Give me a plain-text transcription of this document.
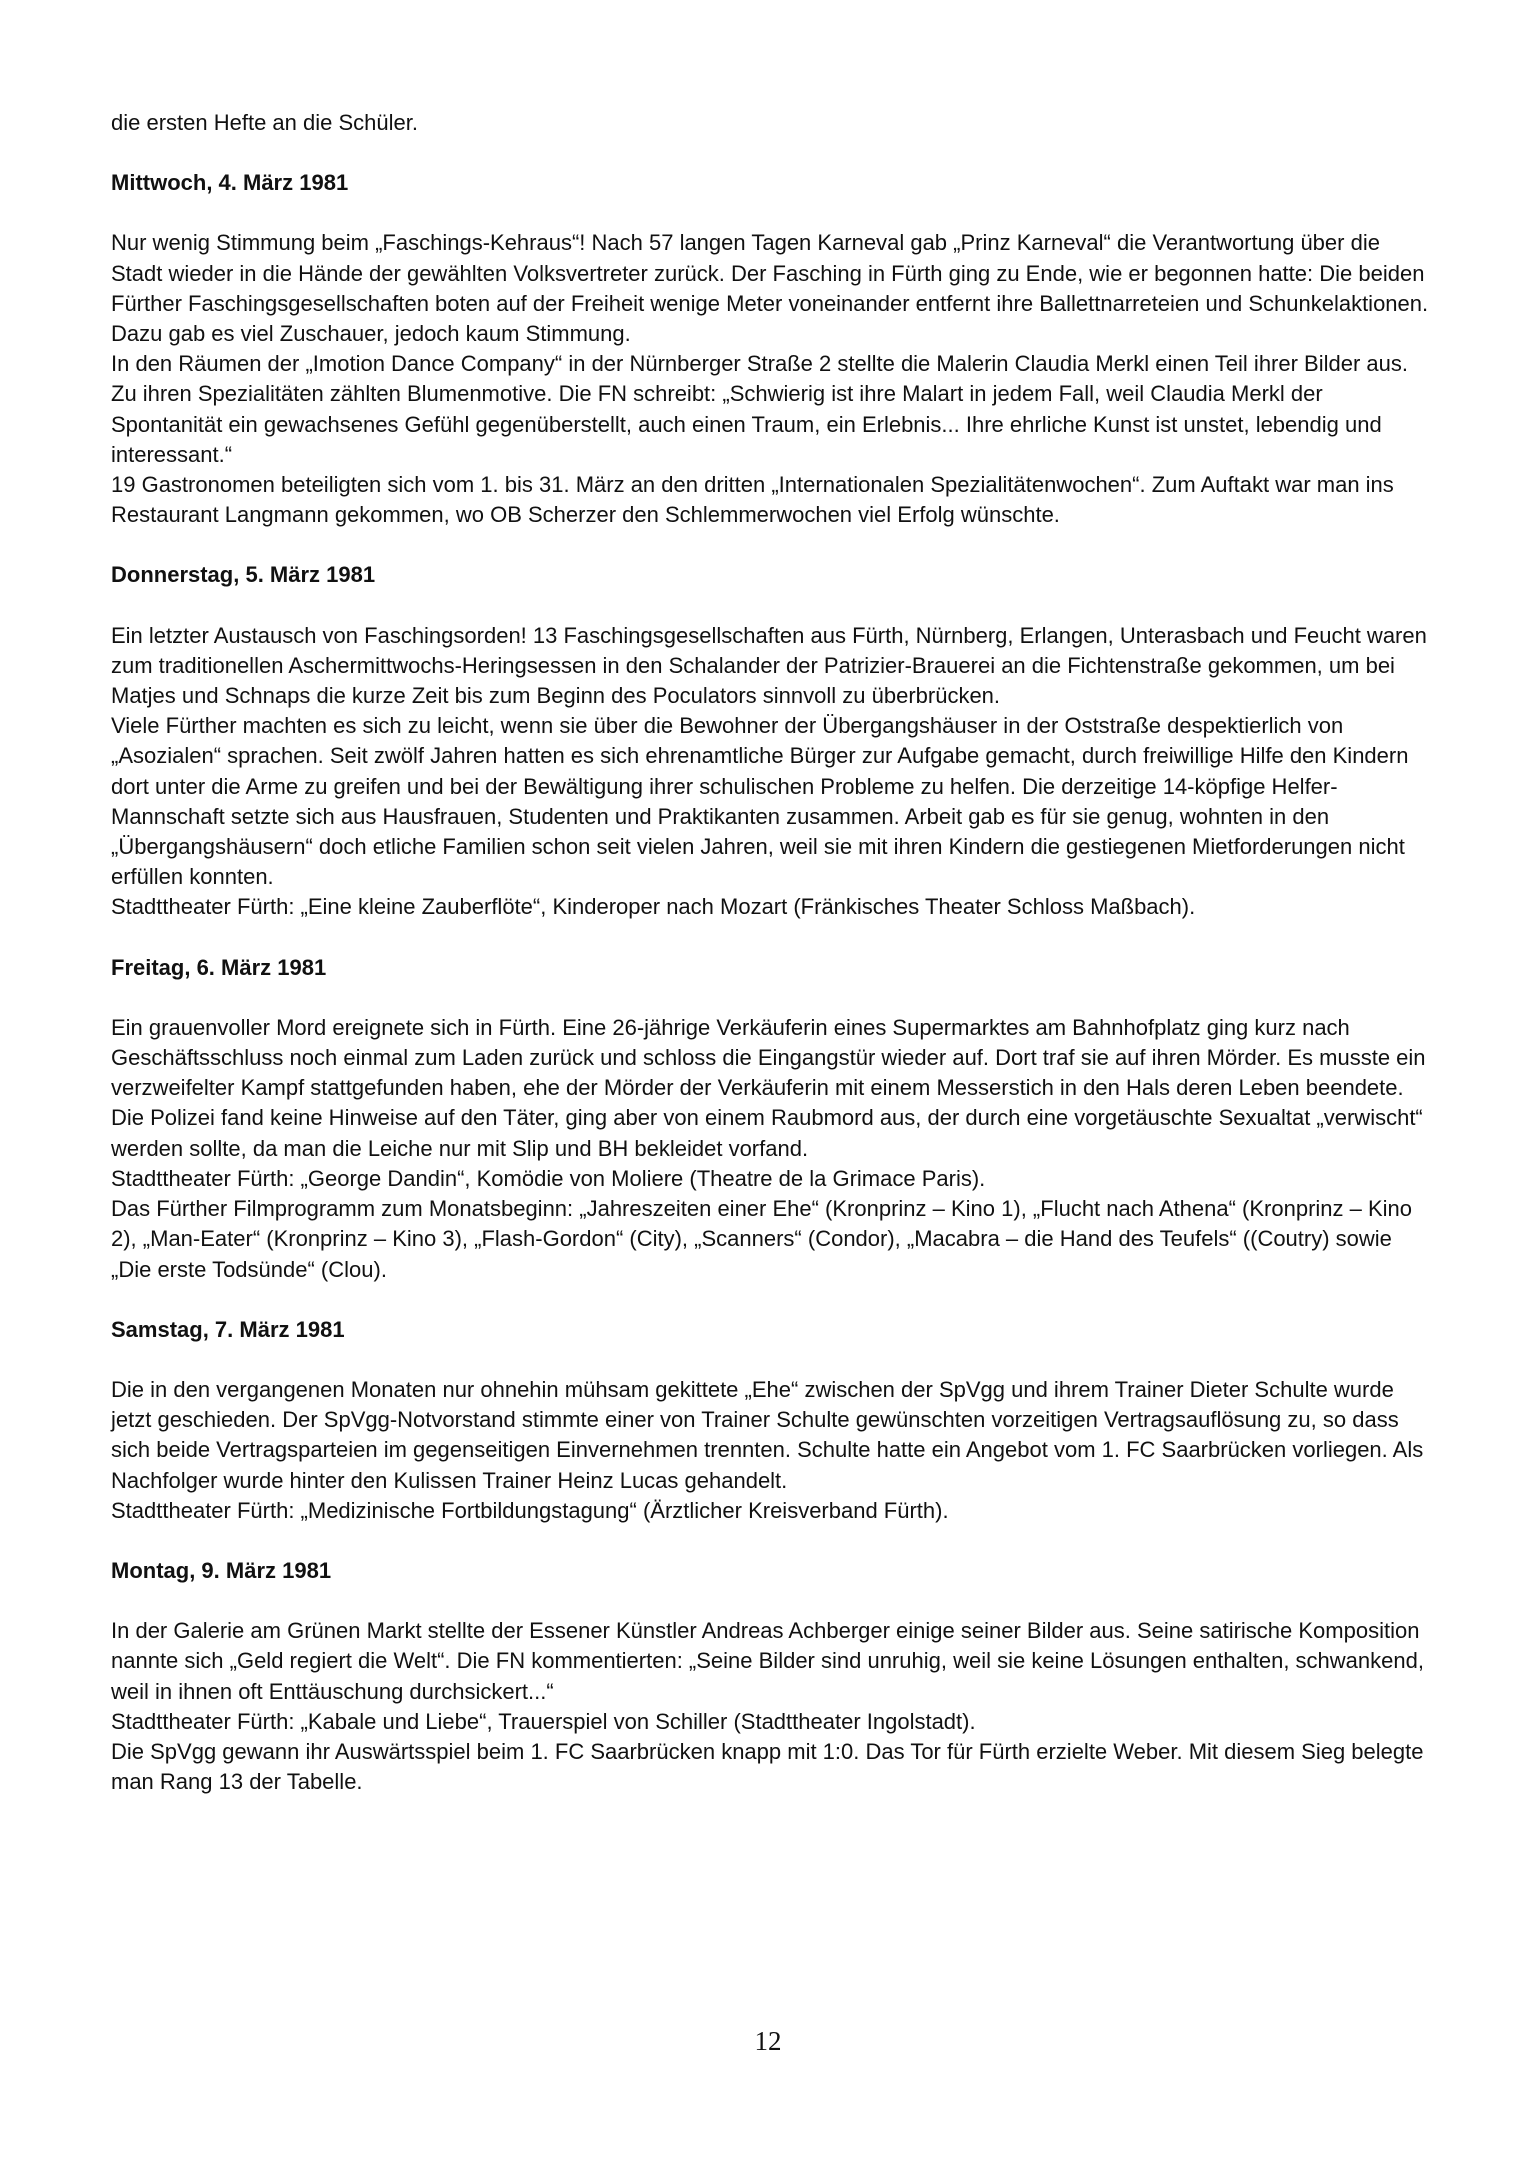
die ersten Hefte an die Schüler.

Mittwoch, 4. März 1981

Nur wenig Stimmung beim „Faschings-Kehraus“! Nach 57 langen Tagen Karneval gab „Prinz Karneval“ die Verantwortung über die Stadt wieder in die Hände der gewählten Volksvertreter zurück. Der Fasching in Fürth ging zu Ende, wie er begonnen hatte: Die beiden Fürther Faschingsgesellschaften boten auf der Freiheit wenige Meter voneinander entfernt ihre Ballettnarreteien und Schunkelaktionen. Dazu gab es viel Zuschauer, jedoch kaum Stimmung.

In den Räumen der „Imotion Dance Company“ in der Nürnberger Straße 2 stellte die Malerin Claudia Merkl einen Teil ihrer Bilder aus. Zu ihren Spezialitäten zählten Blumenmotive. Die FN schreibt: „Schwierig ist ihre Malart in jedem Fall, weil Claudia Merkl der Spontanität ein gewachsenes Gefühl gegenüberstellt, auch einen Traum, ein Erlebnis... Ihre ehrliche Kunst ist unstet, lebendig und interessant.“

19 Gastronomen beteiligten sich vom 1. bis 31. März an den dritten „Internationalen Spezialitätenwochen“. Zum Auftakt war man ins Restaurant Langmann gekommen, wo OB Scherzer den Schlemmerwochen viel Erfolg wünschte.

Donnerstag, 5. März 1981

Ein letzter Austausch von Faschingsorden! 13 Faschingsgesellschaften aus Fürth, Nürnberg, Erlangen, Unterasbach und Feucht waren zum traditionellen Aschermittwochs-Heringsessen in den Schalander der Patrizier-Brauerei an die Fichtenstraße gekommen, um bei Matjes und Schnaps die kurze Zeit bis zum Beginn des Poculators sinnvoll zu überbrücken.

Viele Fürther machten es sich zu leicht, wenn sie über die Bewohner der Übergangshäuser in der Oststraße despektierlich von „Asozialen“ sprachen. Seit zwölf Jahren hatten es sich ehrenamtliche Bürger zur Aufgabe gemacht, durch freiwillige Hilfe den Kindern dort unter die Arme zu greifen und bei der Bewältigung ihrer schulischen Probleme zu helfen. Die derzeitige 14-köpfige Helfer-Mannschaft setzte sich aus Hausfrauen, Studenten und Praktikanten zusammen. Arbeit gab es für sie genug, wohnten in den „Übergangshäusern“ doch etliche Familien schon seit vielen Jahren, weil sie mit ihren Kindern die gestiegenen Mietforderungen nicht erfüllen konnten.

Stadttheater Fürth: „Eine kleine Zauberflöte“, Kinderoper nach Mozart (Fränkisches Theater Schloss Maßbach).

Freitag, 6. März 1981

Ein grauenvoller Mord ereignete sich in Fürth. Eine 26-jährige Verkäuferin eines Supermarktes am Bahnhofplatz ging kurz nach Geschäftsschluss noch einmal zum Laden zurück und schloss die Eingangstür wieder auf. Dort traf sie auf ihren Mörder. Es musste ein verzweifelter Kampf stattgefunden haben, ehe der Mörder der Verkäuferin mit einem Messerstich in den Hals deren Leben beendete. Die Polizei fand keine Hinweise auf den Täter, ging aber von einem Raubmord aus, der durch eine vorgetäuschte Sexualtat „verwischt“ werden sollte, da man die Leiche nur mit Slip und BH bekleidet vorfand.

Stadttheater Fürth: „George Dandin“, Komödie von Moliere (Theatre de la Grimace Paris).

Das Fürther Filmprogramm zum Monatsbeginn: „Jahreszeiten einer Ehe“ (Kronprinz – Kino 1), „Flucht nach Athena“ (Kronprinz – Kino 2), „Man-Eater“ (Kronprinz – Kino 3), „Flash-Gordon“ (City), „Scanners“ (Condor), „Macabra – die Hand des Teufels“ ((Coutry) sowie „Die erste Todsünde“ (Clou).

Samstag, 7. März 1981

Die in den vergangenen Monaten nur ohnehin mühsam gekittete „Ehe“ zwischen der SpVgg und ihrem Trainer Dieter Schulte wurde jetzt geschieden. Der SpVgg-Notvorstand stimmte einer von Trainer Schulte gewünschten vorzeitigen Vertragsauflösung zu, so dass sich beide Vertragsparteien im gegenseitigen Einvernehmen trennten. Schulte hatte ein Angebot vom 1. FC Saarbrücken vorliegen. Als Nachfolger wurde hinter den Kulissen Trainer Heinz Lucas gehandelt.

Stadttheater Fürth: „Medizinische Fortbildungstagung“ (Ärztlicher Kreisverband Fürth).

Montag, 9. März 1981

In der Galerie am Grünen Markt stellte der Essener Künstler Andreas Achberger einige seiner Bilder aus. Seine satirische Komposition nannte sich „Geld regiert die Welt“. Die FN kommentierten: „Seine Bilder sind unruhig, weil sie keine Lösungen enthalten, schwankend, weil in ihnen oft Enttäuschung durchsickert...“

Stadttheater Fürth: „Kabale und Liebe“, Trauerspiel von Schiller (Stadttheater Ingolstadt).

Die SpVgg gewann ihr Auswärtsspiel beim 1. FC Saarbrücken knapp mit 1:0. Das Tor für Fürth erzielte Weber. Mit diesem Sieg belegte man Rang 13 der Tabelle.

12
